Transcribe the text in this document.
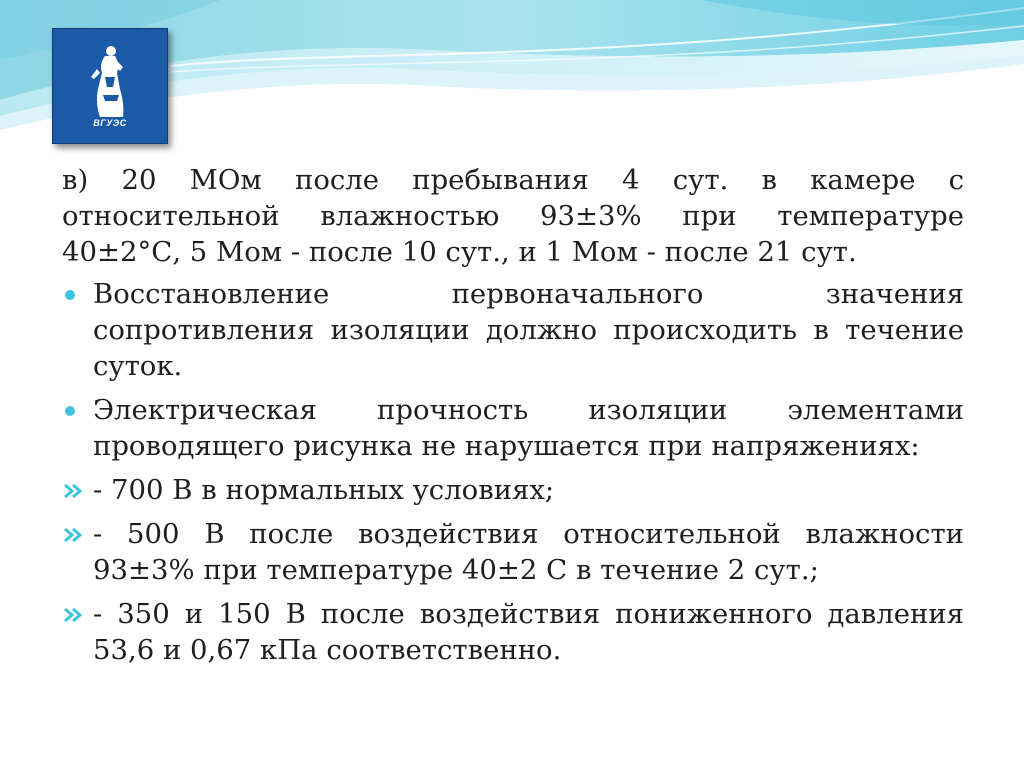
ВГУЭС

в) 20 МОм после пребывания 4 сут. в камере с относительной влажностью 93±3% при температуре 40±2°С, 5 Мом - после 10 сут., и 1 Мом - после 21 сут.

Восстановление первоначального значения сопротивления изоляции должно происходить в течение суток.
Электрическая прочность изоляции элементами проводящего рисунка не нарушается при напряжениях:
- 700 В в нормальных условиях;
- 500 В после воздействия относительной влажности 93±3% при температуре 40±2 С в течение 2 сут.;
- 350 и 150 В после воздействия пониженного давления 53,6 и 0,67 кПа соответственно.
